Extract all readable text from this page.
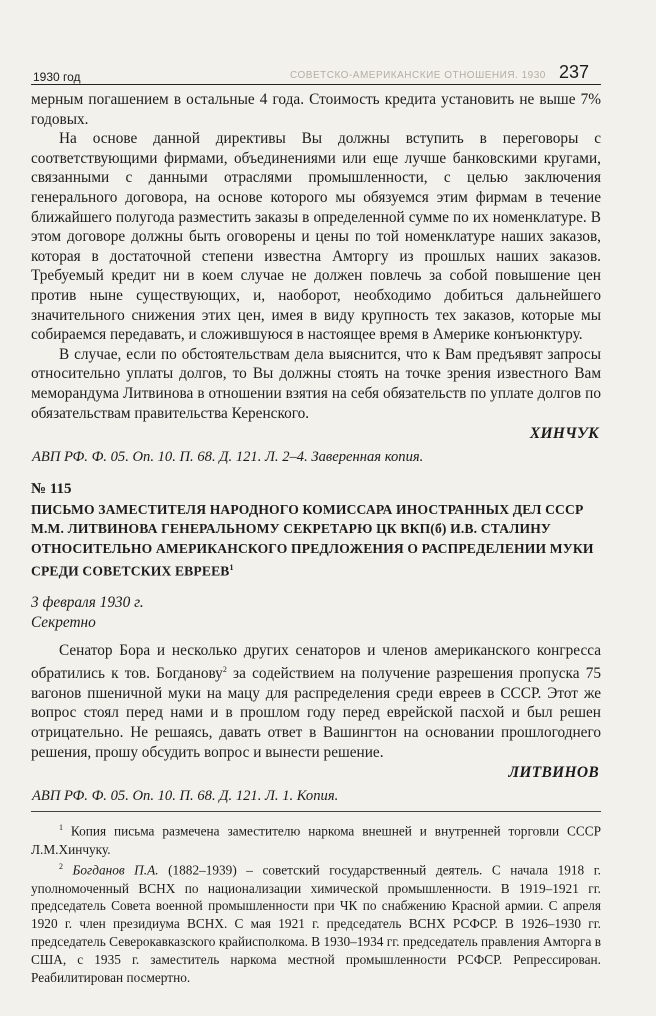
1930 год	СОВЕТСКО-АМЕРИКАНСКИЕ ОТНОШЕНИЯ. 1930 237

мерным погашением в остальные 4 года. Стоимость кредита установить не выше 7% годовых.

На основе данной директивы Вы должны вступить в переговоры с соответствующими фирмами, объединениями или еще лучше банковскими кругами, связанными с данными отраслями промышленности, с целью заключения генерального договора, на основе которого мы обязуемся этим фирмам в течение ближайшего полугода разместить заказы в определенной сумме по их номенклатуре. В этом договоре должны быть оговорены и цены по той номенклатуре наших заказов, которая в достаточной степени известна Амторгу из прошлых наших заказов. Требуемый кредит ни в коем случае не должен повлечь за собой повышение цен против ныне существующих, и, наоборот, необходимо добиться дальнейшего значительного снижения этих цен, имея в виду крупность тех заказов, которые мы собираемся передавать, и сложившуюся в настоящее время в Америке конъюнктуру.

В случае, если по обстоятельствам дела выяснится, что к Вам предъявят запросы относительно уплаты долгов, то Вы должны стоять на точке зрения известного Вам меморандума Литвинова в отношении взятия на себя обязательств по уплате долгов по обязательствам правительства Керенского.

ХИНЧУК
АВП РФ. Ф. 05. Оп. 10. П. 68. Д. 121. Л. 2–4. Заверенная копия.
№ 115
ПИСЬМО ЗАМЕСТИТЕЛЯ НАРОДНОГО КОМИССАРА ИНОСТРАННЫХ ДЕЛ СССР М.М. ЛИТВИНОВА ГЕНЕРАЛЬНОМУ СЕКРЕТАРЮ ЦК ВКП(б) И.В. СТАЛИНУ ОТНОСИТЕЛЬНО АМЕРИКАНСКОГО ПРЕДЛОЖЕНИЯ О РАСПРЕДЕЛЕНИИ МУКИ СРЕДИ СОВЕТСКИХ ЕВРЕЕВ$^1$
3 февраля 1930 г.
Секретно

Сенатор Бора и несколько других сенаторов и членов американского конгресса обратились к тов. Богданову$^2$ за содействием на получение разрешения пропуска 75 вагонов пшеничной муки на мацу для распределения среди евреев в СССР. Этот же вопрос стоял перед нами и в прошлом году перед еврейской пасхой и был решен отрицательно. Не решаясь, давать ответ в Вашингтон на основании прошлогоднего решения, прошу обсудить вопрос и вынести решение.

ЛИТВИНОВ
АВП РФ. Ф. 05. Оп. 10. П. 68. Д. 121. Л. 1. Копия.

$^1$ Копия письма размечена заместителю наркома внешней и внутренней торговли СССР Л.М.Хинчуку.

$^2$ Богданов П.А. (1882–1939) – советский государственный деятель. С начала 1918 г. уполномоченный ВСНХ по национализации химической промышленности. В 1919–1921 гг. председатель Совета военной промышленности при ЧК по снабжению Красной армии. С апреля 1920 г. член президиума ВСНХ. С мая 1921 г. председатель ВСНХ РСФСР. В 1926–1930 гг. председатель Северокавказского крайисполкома. В 1930–1934 гг. председатель правления Амторга в США, с 1935 г. заместитель наркома местной промышленности РСФСР. Репрессирован. Реабилитирован посмертно.
